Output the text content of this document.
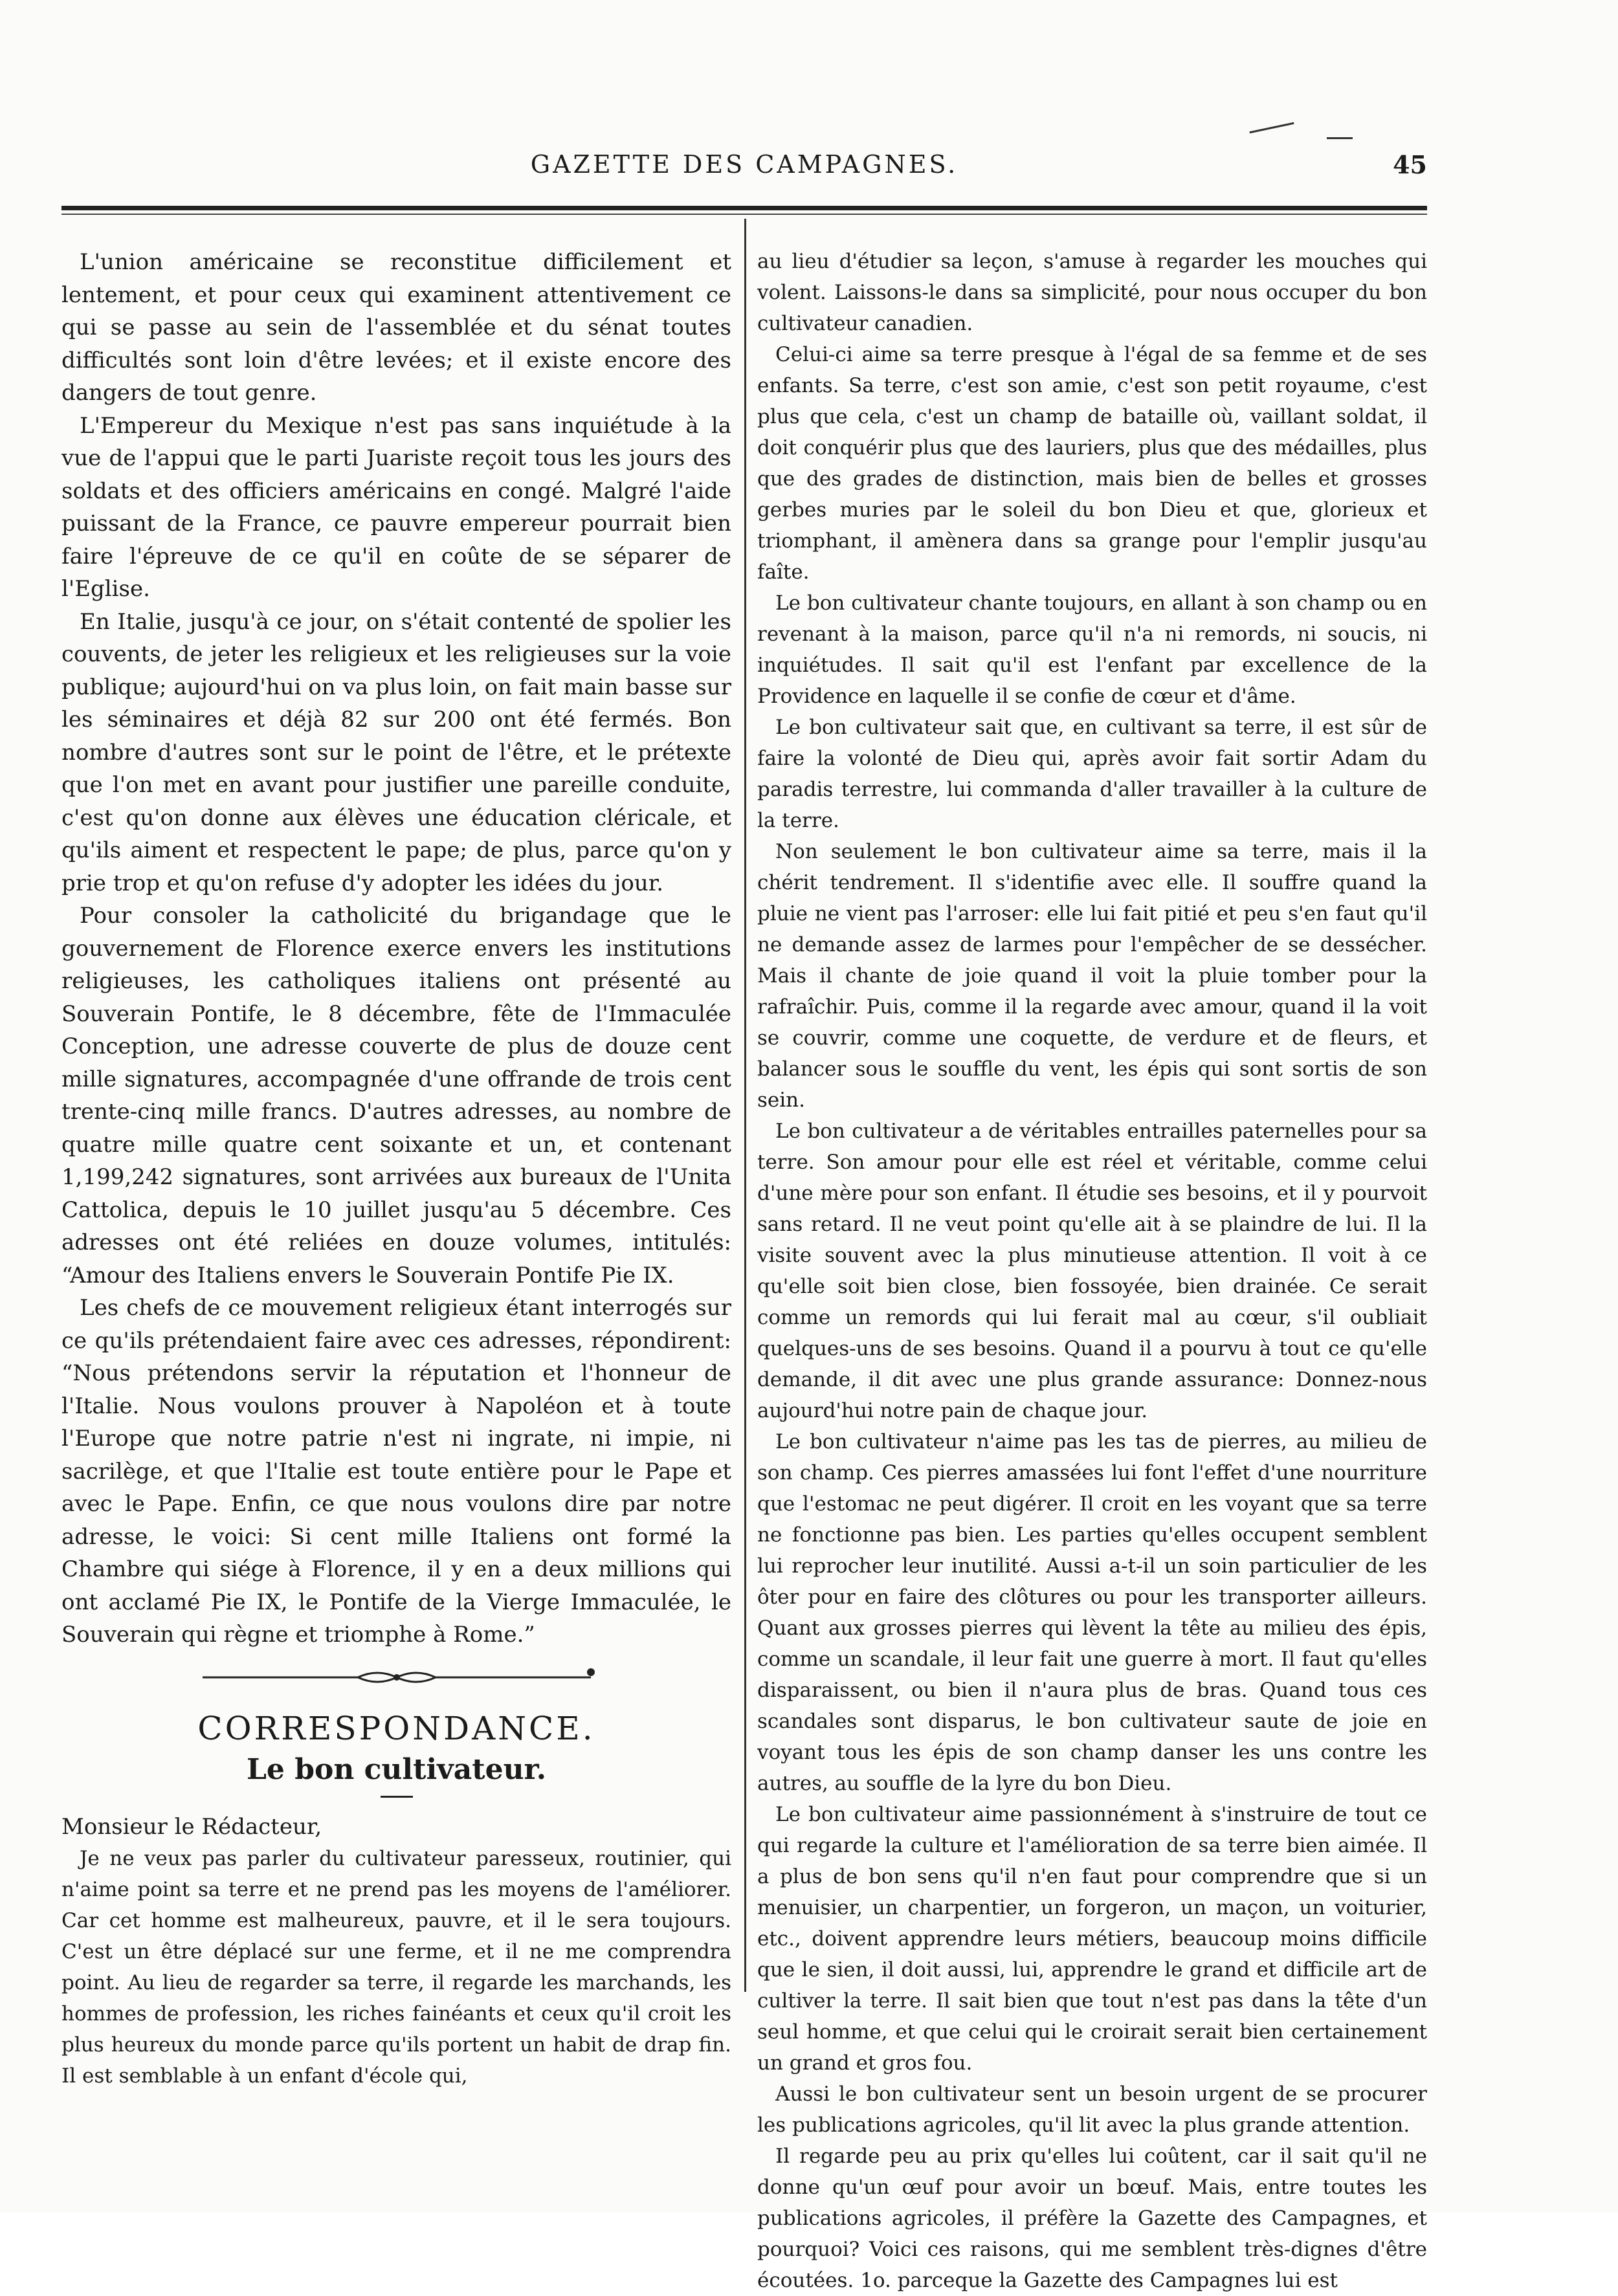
GAZETTE DES CAMPAGNES.	45

L'union américaine se reconstitue difficilement et lentement, et pour ceux qui examinent attentivement ce qui se passe au sein de l'assemblée et du sénat toutes difficultés sont loin d'être levées; et il existe encore des dangers de tout genre.

L'Empereur du Mexique n'est pas sans inquiétude à la vue de l'appui que le parti Juariste reçoit tous les jours des soldats et des officiers américains en congé. Malgré l'aide puissant de la France, ce pauvre empereur pourrait bien faire l'épreuve de ce qu'il en coûte de se séparer de l'Eglise.

En Italie, jusqu'à ce jour, on s'était contenté de spolier les couvents, de jeter les religieux et les religieuses sur la voie publique; aujourd'hui on va plus loin, on fait main basse sur les séminaires et déjà 82 sur 200 ont été fermés. Bon nombre d'autres sont sur le point de l'être, et le prétexte que l'on met en avant pour justifier une pareille conduite, c'est qu'on donne aux élèves une éducation cléricale, et qu'ils aiment et respectent le pape; de plus, parce qu'on y prie trop et qu'on refuse d'y adopter les idées du jour.

Pour consoler la catholicité du brigandage que le gouvernement de Florence exerce envers les institutions religieuses, les catholiques italiens ont présenté au Souverain Pontife, le 8 décembre, fête de l'Immaculée Conception, une adresse couverte de plus de douze cent mille signatures, accompagnée d'une offrande de trois cent trente-cinq mille francs. D'autres adresses, au nombre de quatre mille quatre cent soixante et un, et contenant 1,199,242 signatures, sont arrivées aux bureaux de l'Unita Cattolica, depuis le 10 juillet jusqu'au 5 décembre. Ces adresses ont été reliées en douze volumes, intitulés: “Amour des Italiens envers le Souverain Pontife Pie IX.

Les chefs de ce mouvement religieux étant interrogés sur ce qu'ils prétendaient faire avec ces adresses, répondirent: “Nous prétendons servir la réputation et l'honneur de l'Italie. Nous voulons prouver à Napoléon et à toute l'Europe que notre patrie n'est ni ingrate, ni impie, ni sacrilège, et que l'Italie est toute entière pour le Pape et avec le Pape. Enfin, ce que nous voulons dire par notre adresse, le voici: Si cent mille Italiens ont formé la Chambre qui siége à Florence, il y en a deux millions qui ont acclamé Pie IX, le Pontife de la Vierge Immaculée, le Souverain qui règne et triomphe à Rome.”

CORRESPONDANCE.
Le bon cultivateur.

Monsieur le Rédacteur,

Je ne veux pas parler du cultivateur paresseux, routinier, qui n'aime point sa terre et ne prend pas les moyens de l'améliorer. Car cet homme est malheureux, pauvre, et il le sera toujours. C'est un être déplacé sur une ferme, et il ne me comprendra point. Au lieu de regarder sa terre, il regarde les marchands, les hommes de profession, les riches fainéants et ceux qu'il croit les plus heureux du monde parce qu'ils portent un habit de drap fin. Il est semblable à un enfant d'école qui,

au lieu d'étudier sa leçon, s'amuse à regarder les mouches qui volent. Laissons-le dans sa simplicité, pour nous occuper du bon cultivateur canadien.

Celui-ci aime sa terre presque à l'égal de sa femme et de ses enfants. Sa terre, c'est son amie, c'est son petit royaume, c'est plus que cela, c'est un champ de bataille où, vaillant soldat, il doit conquérir plus que des lauriers, plus que des médailles, plus que des grades de distinction, mais bien de belles et grosses gerbes muries par le soleil du bon Dieu et que, glorieux et triomphant, il amènera dans sa grange pour l'emplir jusqu'au faîte.

Le bon cultivateur chante toujours, en allant à son champ ou en revenant à la maison, parce qu'il n'a ni remords, ni soucis, ni inquiétudes. Il sait qu'il est l'enfant par excellence de la Providence en laquelle il se confie de cœur et d'âme.

Le bon cultivateur sait que, en cultivant sa terre, il est sûr de faire la volonté de Dieu qui, après avoir fait sortir Adam du paradis terrestre, lui commanda d'aller travailler à la culture de la terre.

Non seulement le bon cultivateur aime sa terre, mais il la chérit tendrement. Il s'identifie avec elle. Il souffre quand la pluie ne vient pas l'arroser: elle lui fait pitié et peu s'en faut qu'il ne demande assez de larmes pour l'empêcher de se dessécher. Mais il chante de joie quand il voit la pluie tomber pour la rafraîchir. Puis, comme il la regarde avec amour, quand il la voit se couvrir, comme une coquette, de verdure et de fleurs, et balancer sous le souffle du vent, les épis qui sont sortis de son sein.

Le bon cultivateur a de véritables entrailles paternelles pour sa terre. Son amour pour elle est réel et véritable, comme celui d'une mère pour son enfant. Il étudie ses besoins, et il y pourvoit sans retard. Il ne veut point qu'elle ait à se plaindre de lui. Il la visite souvent avec la plus minutieuse attention. Il voit à ce qu'elle soit bien close, bien fossoyée, bien drainée. Ce serait comme un remords qui lui ferait mal au cœur, s'il oubliait quelques-uns de ses besoins. Quand il a pourvu à tout ce qu'elle demande, il dit avec une plus grande assurance: Donnez-nous aujourd'hui notre pain de chaque jour.

Le bon cultivateur n'aime pas les tas de pierres, au milieu de son champ. Ces pierres amassées lui font l'effet d'une nourriture que l'estomac ne peut digérer. Il croit en les voyant que sa terre ne fonctionne pas bien. Les parties qu'elles occupent semblent lui reprocher leur inutilité. Aussi a-t-il un soin particulier de les ôter pour en faire des clôtures ou pour les transporter ailleurs. Quant aux grosses pierres qui lèvent la tête au milieu des épis, comme un scandale, il leur fait une guerre à mort. Il faut qu'elles disparaissent, ou bien il n'aura plus de bras. Quand tous ces scandales sont disparus, le bon cultivateur saute de joie en voyant tous les épis de son champ danser les uns contre les autres, au souffle de la lyre du bon Dieu.

Le bon cultivateur aime passionnément à s'instruire de tout ce qui regarde la culture et l'amélioration de sa terre bien aimée. Il a plus de bon sens qu'il n'en faut pour comprendre que si un menuisier, un charpentier, un forgeron, un maçon, un voiturier, etc., doivent apprendre leurs métiers, beaucoup moins difficile que le sien, il doit aussi, lui, apprendre le grand et difficile art de cultiver la terre. Il sait bien que tout n'est pas dans la tête d'un seul homme, et que celui qui le croirait serait bien certainement un grand et gros fou.

Aussi le bon cultivateur sent un besoin urgent de se procurer les publications agricoles, qu'il lit avec la plus grande attention.

Il regarde peu au prix qu'elles lui coûtent, car il sait qu'il ne donne qu'un œuf pour avoir un bœuf. Mais, entre toutes les publications agricoles, il préfère la Gazette des Campagnes, et pourquoi? Voici ces raisons, qui me semblent très-dignes d'être écoutées. 1o. parceque la Gazette des Campagnes lui est
